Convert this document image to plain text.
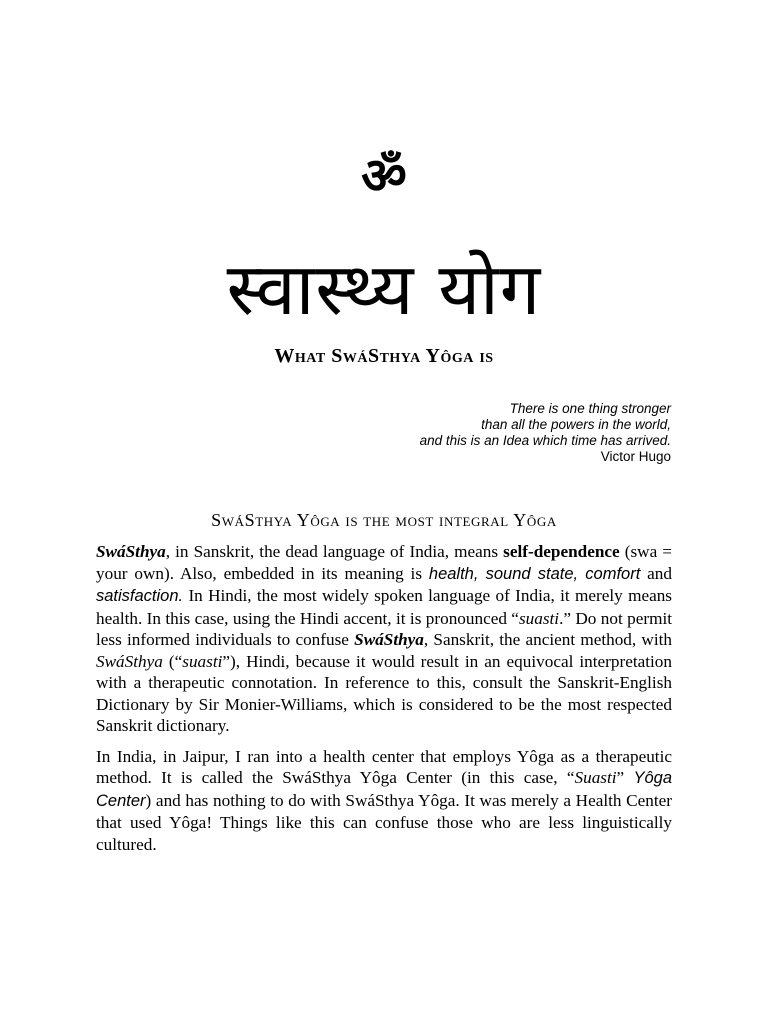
ॐ
स्वास्थ्य योग
What SwáSthya Yôga is
There is one thing stronger
than all the powers in the world,
and this is an Idea which time has arrived.
Victor Hugo
SwáSthya Yôga is the most integral Yôga

SwáSthya, in Sanskrit, the dead language of India, means self-dependence (swa = your own). Also, embedded in its meaning is health, sound state, comfort and satisfaction. In Hindi, the most widely spoken language of India, it merely means health. In this case, using the Hindi accent, it is pronounced “suasti.” Do not permit less informed individuals to confuse SwáSthya, Sanskrit, the ancient method, with SwáSthya (“suasti”), Hindi, because it would result in an equivocal interpretation with a therapeutic connotation. In reference to this, consult the Sanskrit-English Dictionary by Sir Monier-Williams, which is considered to be the most respected Sanskrit dictionary.

In India, in Jaipur, I ran into a health center that employs Yôga as a therapeutic method. It is called the SwáSthya Yôga Center (in this case, “Suasti” Yôga Center) and has nothing to do with SwáSthya Yôga. It was merely a Health Center that used Yôga! Things like this can confuse those who are less linguistically cultured.
